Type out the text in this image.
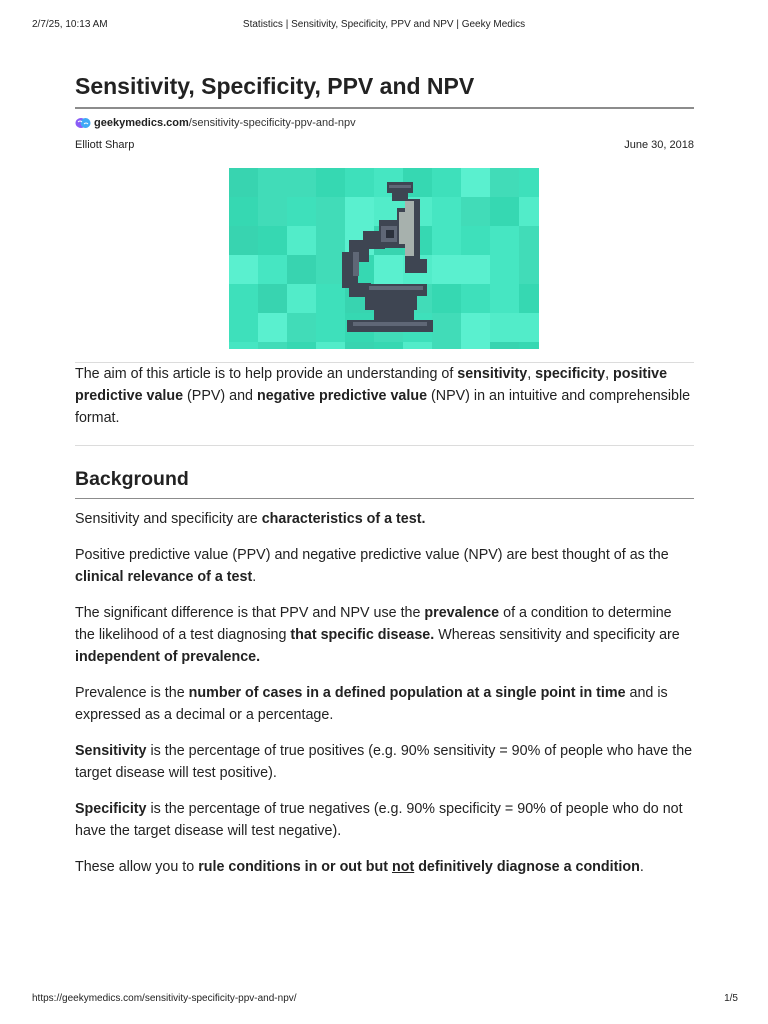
2/7/25, 10:13 AM	Statistics | Sensitivity, Specificity, PPV and NPV | Geeky Medics
Sensitivity, Specificity, PPV and NPV
geekymedics.com/sensitivity-specificity-ppv-and-npv
Elliott Sharp	June 30, 2018

The aim of this article is to help provide an understanding of sensitivity, specificity, positive predictive value (PPV) and negative predictive value (NPV) in an intuitive and comprehensible format.

Background

Sensitivity and specificity are characteristics of a test.

Positive predictive value (PPV) and negative predictive value (NPV) are best thought of as the clinical relevance of a test.

The significant difference is that PPV and NPV use the prevalence of a condition to determine the likelihood of a test diagnosing that specific disease. Whereas sensitivity and specificity are independent of prevalence.

Prevalence is the number of cases in a defined population at a single point in time and is expressed as a decimal or a percentage.

Sensitivity is the percentage of true positives (e.g. 90% sensitivity = 90% of people who have the target disease will test positive).

Specificity is the percentage of true negatives (e.g. 90% specificity = 90% of people who do not have the target disease will test negative).

These allow you to rule conditions in or out but not definitively diagnose a condition.

https://geekymedics.com/sensitivity-specificity-ppv-and-npv/	1/5
